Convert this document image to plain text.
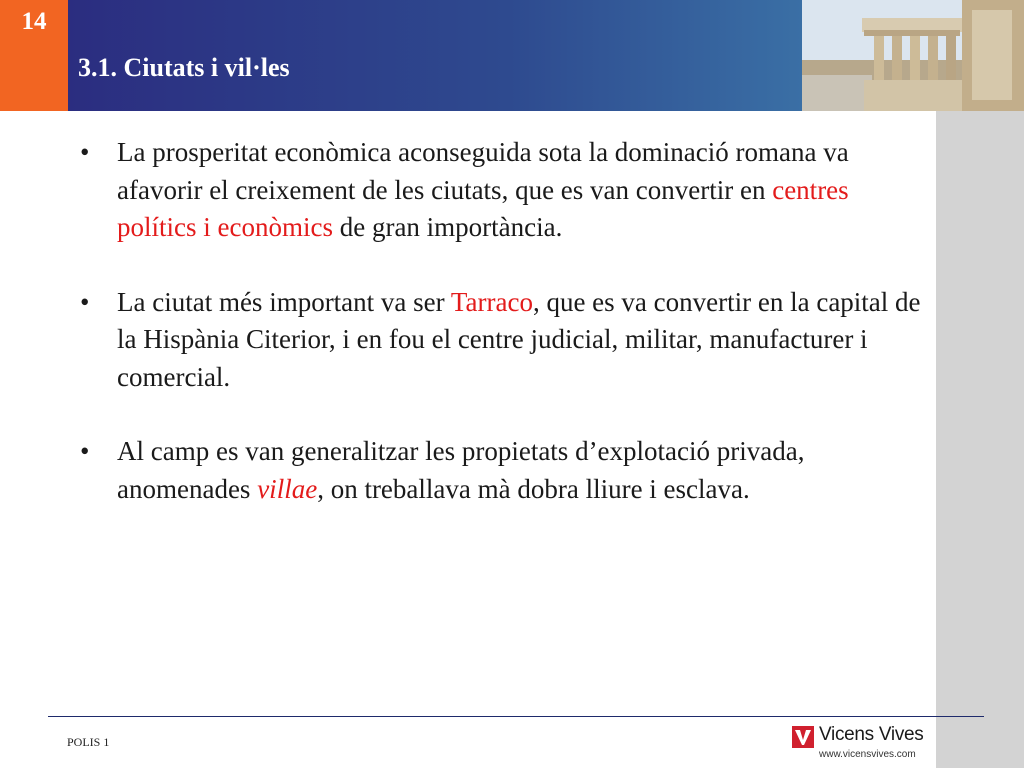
14
3.1. Ciutats i vil·les
• La prosperitat econòmica aconseguida sota la dominació romana va afavorir el creixement de les ciutats, que es van convertir en centres polítics i econòmics de gran importància.
• La ciutat més important va ser Tarraco, que es va convertir en la capital de la Hispània Citerior, i en fou el centre judicial, militar, manufacturer i comercial.
• Al camp es van generalitzar les propietats d’explotació privada, anomenades villae, on treballava mà dobra lliure i esclava.
POLIS 1	Vicens Vives
www.vicensvives.com
